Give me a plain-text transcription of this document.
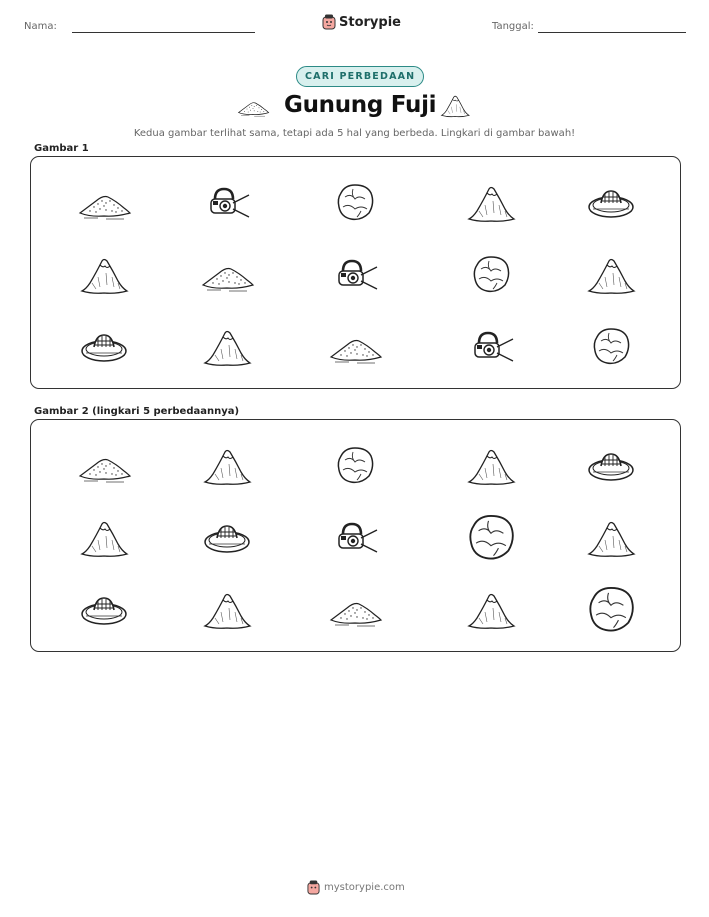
Nama:	Storypie	Tanggal:
CARI PERBEDAAN
Gunung Fuji
Kedua gambar terlihat sama, tetapi ada 5 hal yang berbeda. Lingkari di gambar bawah!
Gambar 1
Gambar 2 (lingkari 5 perbedaannya)
mystorypie.com
